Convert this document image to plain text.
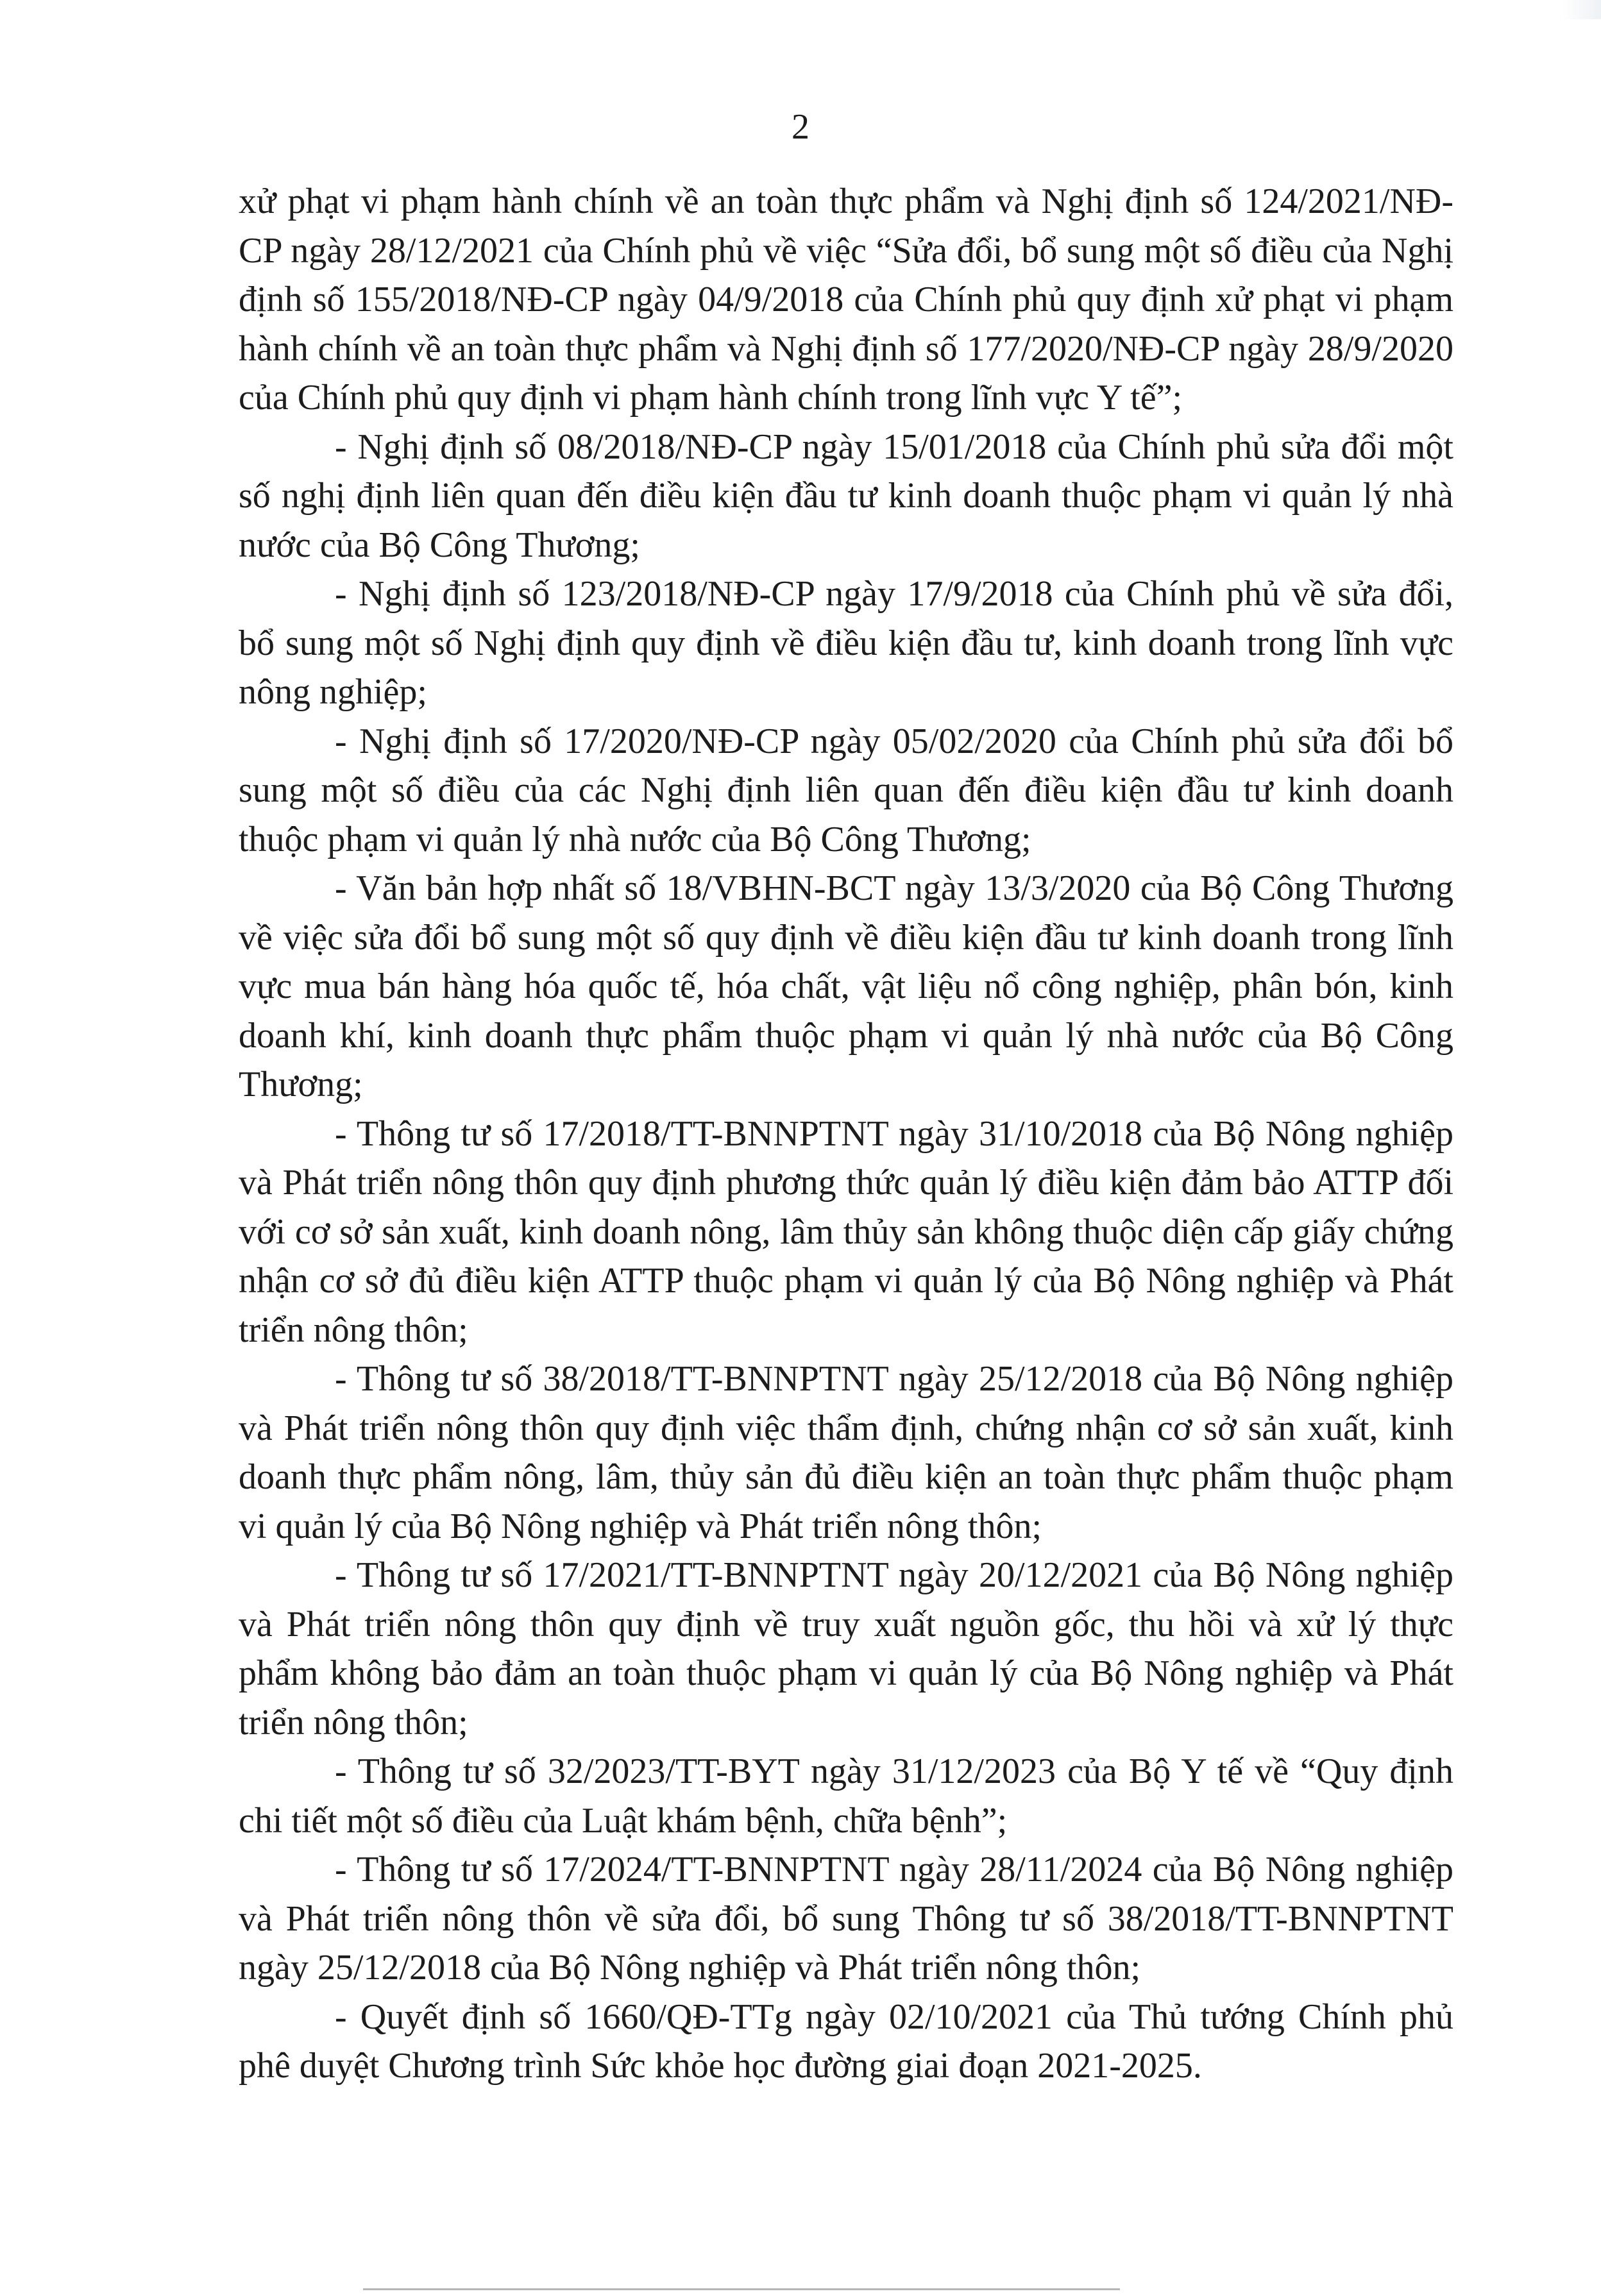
2

xử phạt vi phạm hành chính về an toàn thực phẩm và Nghị định số 124/2021/NĐ-CP ngày 28/12/2021 của Chính phủ về việc “Sửa đổi, bổ sung một số điều của Nghị định số 155/2018/NĐ-CP ngày 04/9/2018 của Chính phủ quy định xử phạt vi phạm hành chính về an toàn thực phẩm và Nghị định số 177/2020/NĐ-CP ngày 28/9/2020 của Chính phủ quy định vi phạm hành chính trong lĩnh vực Y tế”;

- Nghị định số 08/2018/NĐ-CP ngày 15/01/2018 của Chính phủ sửa đổi một số nghị định liên quan đến điều kiện đầu tư kinh doanh thuộc phạm vi quản lý nhà nước của Bộ Công Thương;

- Nghị định số 123/2018/NĐ-CP ngày 17/9/2018 của Chính phủ về sửa đổi, bổ sung một số Nghị định quy định về điều kiện đầu tư, kinh doanh trong lĩnh vực nông nghiệp;

- Nghị định số 17/2020/NĐ-CP ngày 05/02/2020 của Chính phủ sửa đổi bổ sung một số điều của các Nghị định liên quan đến điều kiện đầu tư kinh doanh thuộc phạm vi quản lý nhà nước của Bộ Công Thương;

- Văn bản hợp nhất số 18/VBHN-BCT ngày 13/3/2020 của Bộ Công Thương về việc sửa đổi bổ sung một số quy định về điều kiện đầu tư kinh doanh trong lĩnh vực mua bán hàng hóa quốc tế, hóa chất, vật liệu nổ công nghiệp, phân bón, kinh doanh khí, kinh doanh thực phẩm thuộc phạm vi quản lý nhà nước của Bộ Công Thương;

- Thông tư số 17/2018/TT-BNNPTNT ngày 31/10/2018 của Bộ Nông nghiệp và Phát triển nông thôn quy định phương thức quản lý điều kiện đảm bảo ATTP đối với cơ sở sản xuất, kinh doanh nông, lâm thủy sản không thuộc diện cấp giấy chứng nhận cơ sở đủ điều kiện ATTP thuộc phạm vi quản lý của Bộ Nông nghiệp và Phát triển nông thôn;

- Thông tư số 38/2018/TT-BNNPTNT ngày 25/12/2018 của Bộ Nông nghiệp và Phát triển nông thôn quy định việc thẩm định, chứng nhận cơ sở sản xuất, kinh doanh thực phẩm nông, lâm, thủy sản đủ điều kiện an toàn thực phẩm thuộc phạm vi quản lý của Bộ Nông nghiệp và Phát triển nông thôn;

- Thông tư số 17/2021/TT-BNNPTNT ngày 20/12/2021 của Bộ Nông nghiệp và Phát triển nông thôn quy định về truy xuất nguồn gốc, thu hồi và xử lý thực phẩm không bảo đảm an toàn thuộc phạm vi quản lý của Bộ Nông nghiệp và Phát triển nông thôn;

- Thông tư số 32/2023/TT-BYT ngày 31/12/2023 của Bộ Y tế về “Quy định chi tiết một số điều của Luật khám bệnh, chữa bệnh”;

- Thông tư số 17/2024/TT-BNNPTNT ngày 28/11/2024 của Bộ Nông nghiệp và Phát triển nông thôn về sửa đổi, bổ sung Thông tư số 38/2018/TT-BNNPTNT ngày 25/12/2018 của Bộ Nông nghiệp và Phát triển nông thôn;

- Quyết định số 1660/QĐ-TTg ngày 02/10/2021 của Thủ tướng Chính phủ phê duyệt Chương trình Sức khỏe học đường giai đoạn 2021-2025.
